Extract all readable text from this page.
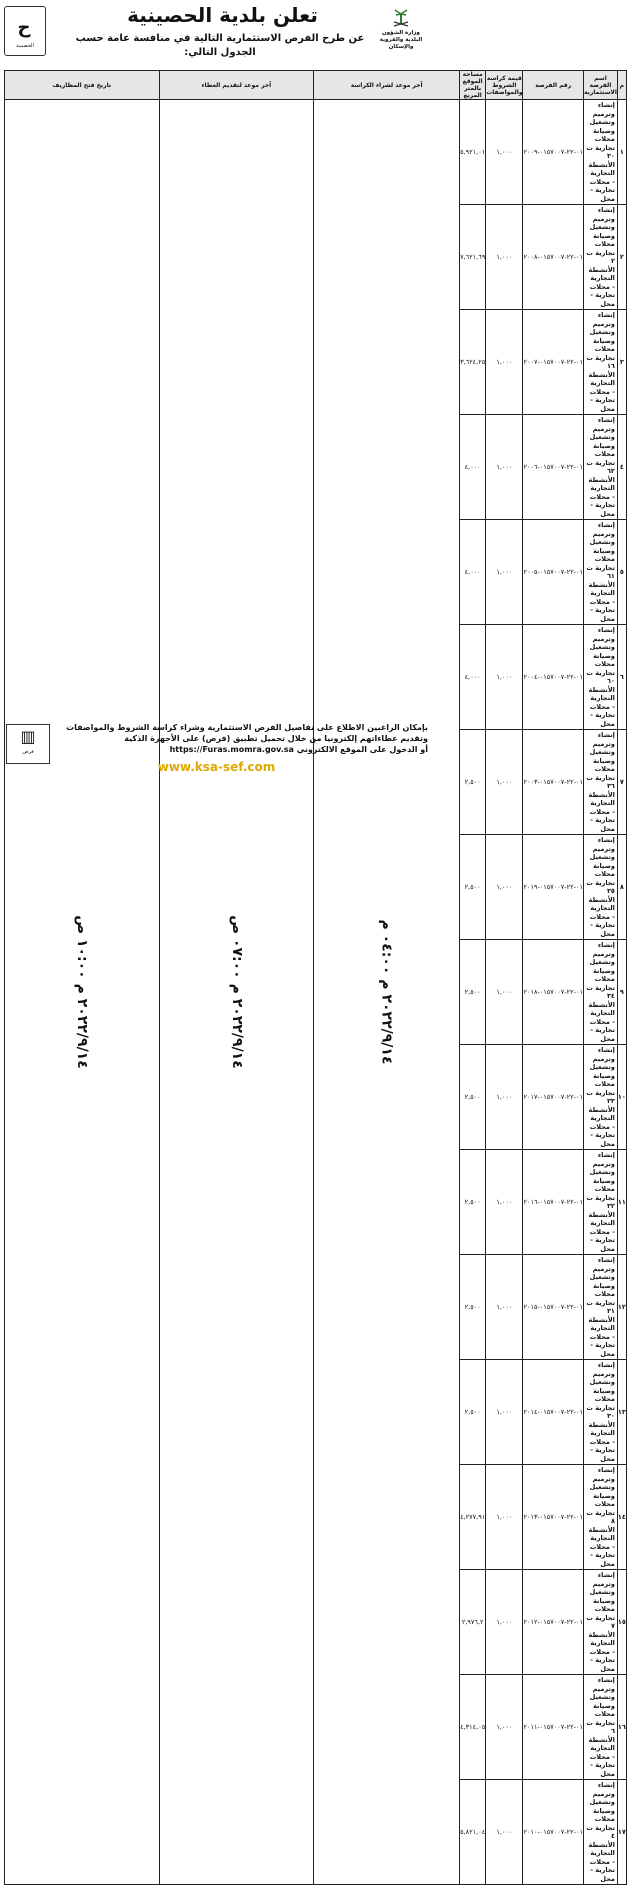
وزارة الشؤون البلدية والقروية والإسكان
تعلن بلدية الحصينية
عن طرح الفرص الاستثمارية التالية في منافسة عامة حسب الجدول التالي:
ح
الحصينية
م	اسم الفرصة الاستثمارية	رقم الفرصة	قيمة كراسة الشروط والمواصفات	مساحة الموقع بالمتر المربع	آخر موعد لشراء الكراسة	آخر موعد لتقديم العطاء	تاريخ فتح المظاريف
١	إنشاء وترميم وتشغيل وصيانة محلات تجارية ت ٣٠ الأنشطة التجارية - محلات تجارية - محل	٠١-٢٢-٠١٥٧٠٠٧-٢٠٠٩	١,٠٠٠	٥,٩٢١,٠١	٢٠٢٢/٩/١٤ م ٠٤:٠٠ م	٢٠٢٢/٩/١٤ م ٠٧:٠٠ ص	٢٠٢٢/٩/١٤ م ١٠:٠٠ ص

٢	إنشاء وترميم وتشغيل وصيانة محلات تجارية ت ٢ الأنشطة التجارية - محلات تجارية - محل	٠١-٢٢-٠١٥٧٠٠٧-٢٠٠٨	١,٠٠٠	٧,٦٢١,٦٩			
٣	إنشاء وترميم وتشغيل وصيانة محلات تجارية ت ١٦ الأنشطة التجارية - محلات تجارية - محل	٠١-٢٢-٠١٥٧٠٠٧-٢٠٠٧	١,٠٠٠	٣,٦٢٤,٢٥			
٤	إنشاء وترميم وتشغيل وصيانة محلات تجارية ت ٦٢ الأنشطة التجارية - محلات تجارية - محل	٠١-٢٢-٠١٥٧٠٠٧-٢٠٠٦	١,٠٠٠	٤,٠٠٠			
٥	إنشاء وترميم وتشغيل وصيانة محلات تجارية ت ٦١ الأنشطة التجارية - محلات تجارية - محل	٠١-٢٢-٠١٥٧٠٠٧-٢٠٠٥	١,٠٠٠	٤,٠٠٠			
٦	إنشاء وترميم وتشغيل وصيانة محلات تجارية ت ٦٠ الأنشطة التجارية - محلات تجارية - محل	٠١-٢٢-٠١٥٧٠٠٧-٢٠٠٤	١,٠٠٠	٤,٠٠٠			
٧	إنشاء وترميم وتشغيل وصيانة محلات تجارية ت ٣٦ الأنشطة التجارية - محلات تجارية - محل	٠١-٢٢-٠١٥٧٠٠٧-٢٠٠٣	١,٠٠٠	٢,٥٠٠			
٨	إنشاء وترميم وتشغيل وصيانة محلات تجارية ت ٣٥ الأنشطة التجارية - محلات تجارية - محل	٠١-٢٢-٠١٥٧٠٠٧-٢٠١٩	١,٠٠٠	٢,٥٠٠			
٩	إنشاء وترميم وتشغيل وصيانة محلات تجارية ت ٣٤ الأنشطة التجارية - محلات تجارية - محل	٠١-٢٢-٠١٥٧٠٠٧-٢٠١٨	١,٠٠٠	٢,٥٠٠			
١٠	إنشاء وترميم وتشغيل وصيانة محلات تجارية ت ٣٣ الأنشطة التجارية - محلات تجارية - محل	٠١-٢٢-٠١٥٧٠٠٧-٢٠١٧	١,٠٠٠	٢,٥٠٠			
١١	إنشاء وترميم وتشغيل وصيانة محلات تجارية ت ٣٢ الأنشطة التجارية - محلات تجارية - محل	٠١-٢٢-٠١٥٧٠٠٧-٢٠١٦	١,٠٠٠	٢,٥٠٠			
١٢	إنشاء وترميم وتشغيل وصيانة محلات تجارية ت ٣١ الأنشطة التجارية - محلات تجارية - محل	٠١-٢٢-٠١٥٧٠٠٧-٢٠١٥	١,٠٠٠	٢,٥٠٠			
١٣	إنشاء وترميم وتشغيل وصيانة محلات تجارية ت ٣٠ الأنشطة التجارية - محلات تجارية - محل	٠١-٢٢-٠١٥٧٠٠٧-٢٠١٤	١,٠٠٠	٢,٥٠٠			
١٤	إنشاء وترميم وتشغيل وصيانة محلات تجارية ت ٨ الأنشطة التجارية - محلات تجارية - محل	٠١-٢٢-٠١٥٧٠٠٧-٢٠١٣	١,٠٠٠	٤,٢٧٧,٩١			
١٥	إنشاء وترميم وتشغيل وصيانة محلات تجارية ت ٧ الأنشطة التجارية - محلات تجارية - محل	٠١-٢٢-٠١٥٧٠٠٧-٢٠١٢	١,٠٠٠	٢,٩٧٦,٢			
١٦	إنشاء وترميم وتشغيل وصيانة محلات تجارية ت ٦ الأنشطة التجارية - محلات تجارية - محل	٠١-٢٢-٠١٥٧٠٠٧-٢٠١١	١,٠٠٠	٤,٣١٤,٠٥			
١٧	إنشاء وترميم وتشغيل وصيانة محلات تجارية ت ٤ الأنشطة التجارية - محلات تجارية - محل	٠١-٢٢-٠١٥٧٠٠٧-٢٠١٠	١,٠٠٠	٥,٨٢١,٠٤			
بإمكان الراغبين الاطلاع على تفاصيل الفرص الاستثمارية وشراء كراسة الشروط والمواصفات
وتقديم عطاءاتهم إلكترونيا من خلال تحميل تطبيق (فرص) على الأجهزة الذكية
أو الدخول على الموقع الالكتروني https://Furas.momra.gov.sa
▥
فرص
www.ksa-sef.com
